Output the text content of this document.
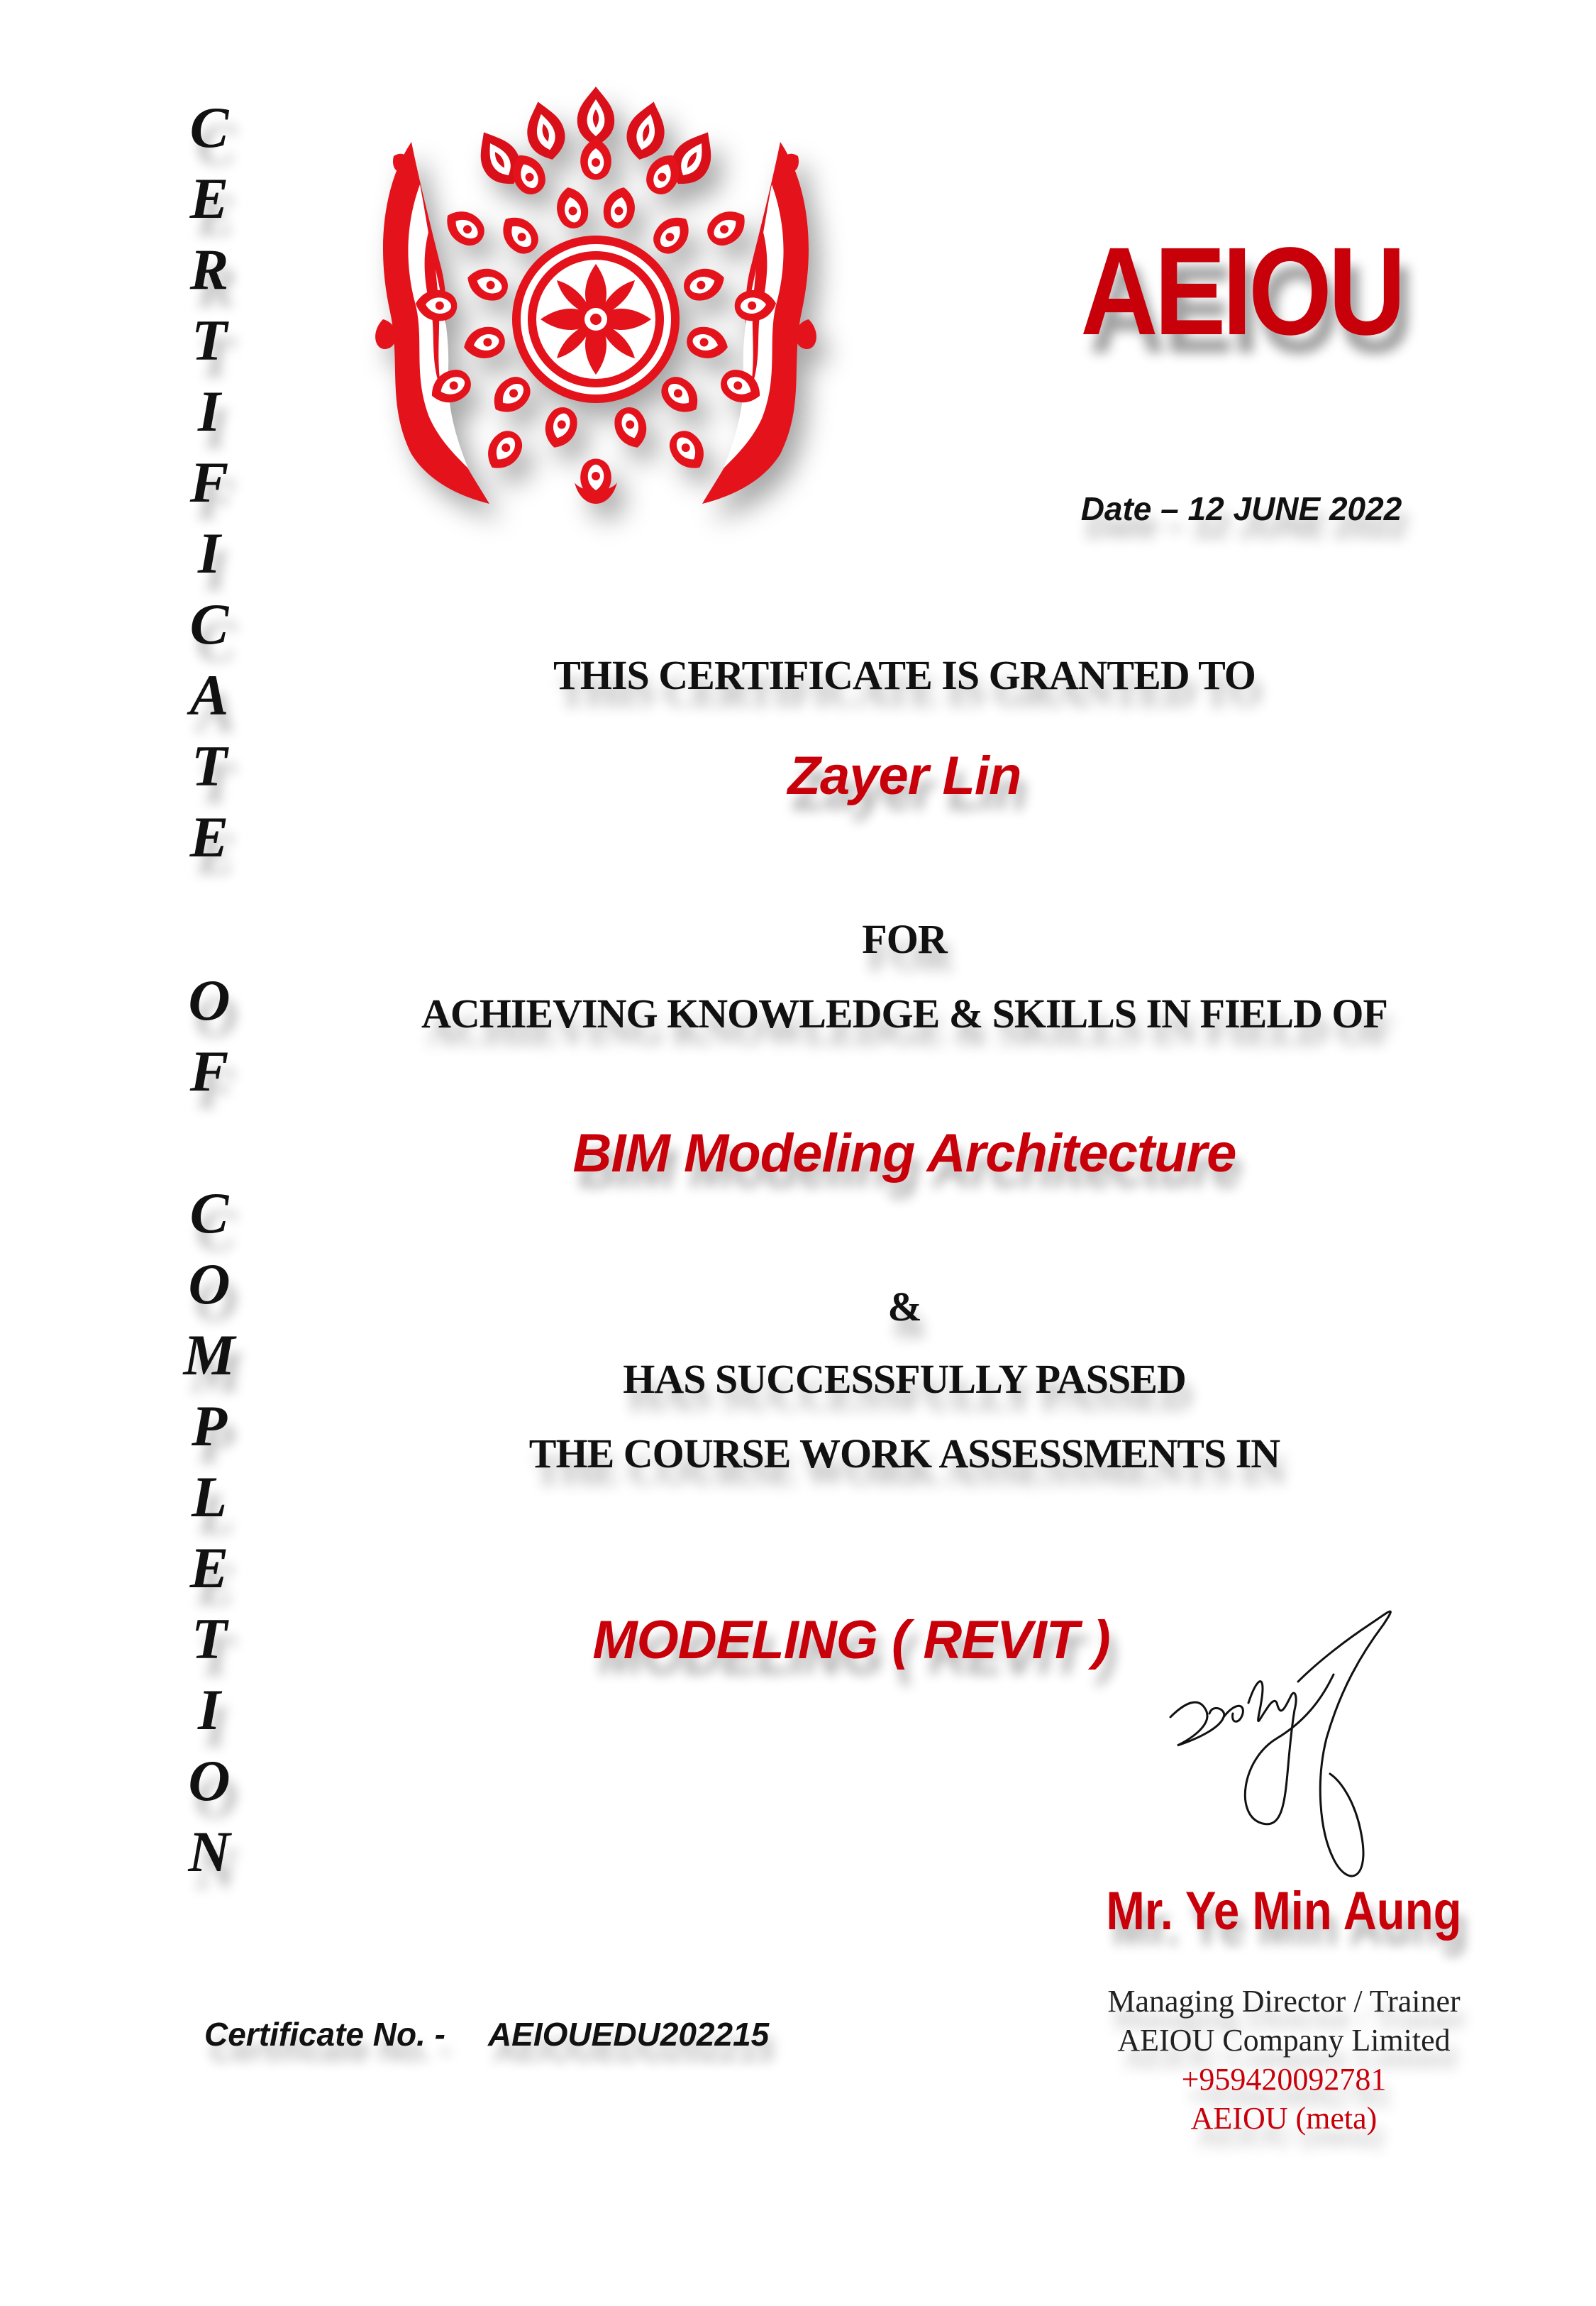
C
E
R
T
I
F
I
C
A
T
E
O
F
C
O
M
P
L
E
T
I
O
N
AEIOU
Date – 12 JUNE 2022
THIS CERTIFICATE IS GRANTED TO
Zayer Lin
FOR
ACHIEVING KNOWLEDGE & SKILLS IN FIELD OF
BIM Modeling Architecture
&
HAS SUCCESSFULLY PASSED
THE COURSE WORK ASSESSMENTS IN
MODELING ( REVIT )
Mr. Ye Min Aung
Managing Director / Trainer
AEIOU Company Limited
+959420092781
AEIOU (meta)
Certificate No. - AEIOUEDU202215
